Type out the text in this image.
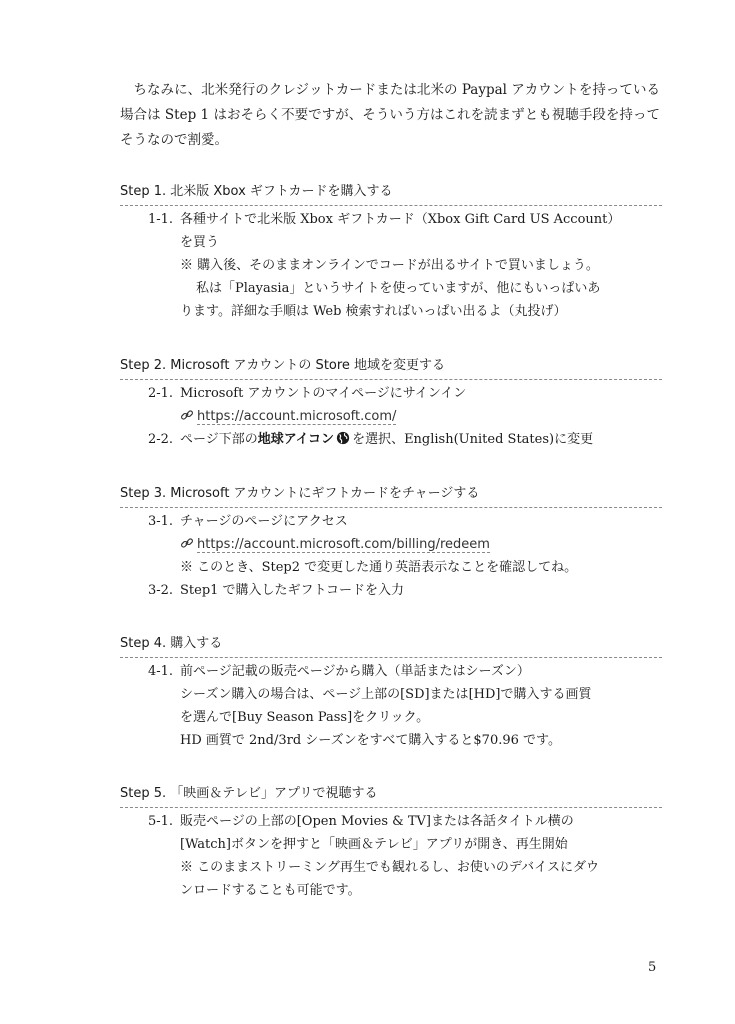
ちなみに、北米発行のクレジットカードまたは北米の Paypal アカウントを持っている場合は Step 1 はおそらく不要ですが、そういう方はこれを読まずとも視聴手段を持ってそうなので割愛。

Step 1. 北米版 Xbox ギフトカードを購入する
1-1. 各種サイトで北米版 Xbox ギフトカード（Xbox Gift Card US Account）
を買う
※ 購入後、そのままオンラインでコードが出るサイトで買いましょう。
私は「Playasia」というサイトを使っていますが、他にもいっぱいあ
ります。詳細な手順は Web 検索すればいっぱい出るよ（丸投げ）
Step 2. Microsoft アカウントの Store 地域を変更する
2-1. Microsoft アカウントのマイページにサインイン
https://account.microsoft.com/
2-2. ページ下部の地球アイコン を選択、English(United States)に変更
Step 3. Microsoft アカウントにギフトカードをチャージする
3-1. チャージのページにアクセス
https://account.microsoft.com/billing/redeem
※ このとき、Step2 で変更した通り英語表示なことを確認してね。
3-2. Step1 で購入したギフトコードを入力
Step 4. 購入する
4-1. 前ページ記載の販売ページから購入（単話またはシーズン）
シーズン購入の場合は、ページ上部の[SD]または[HD]で購入する画質
を選んで[Buy Season Pass]をクリック。
HD 画質で 2nd/3rd シーズンをすべて購入すると$70.96 です。
Step 5. 「映画＆テレビ」アプリで視聴する
5-1. 販売ページの上部の[Open Movies & TV]または各話タイトル横の
[Watch]ボタンを押すと「映画＆テレビ」アプリが開き、再生開始
※ このままストリーミング再生でも観れるし、お使いのデバイスにダウ
ンロードすることも可能です。
5
